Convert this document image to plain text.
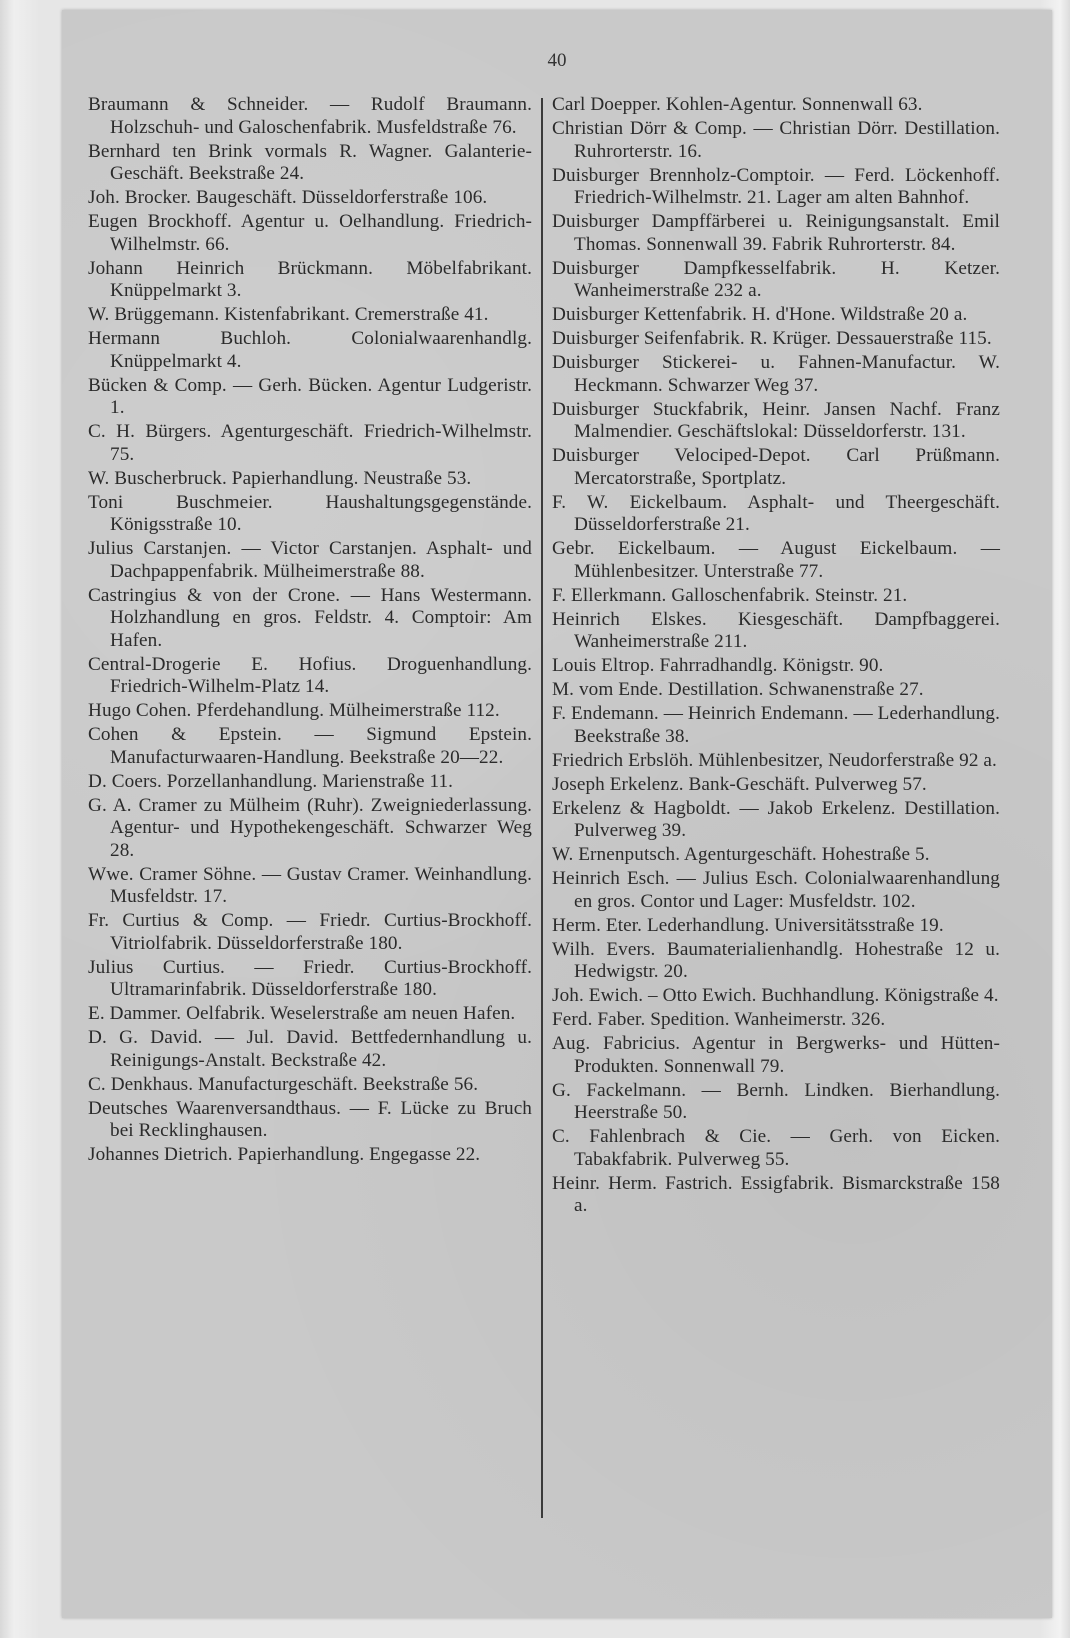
40

Braumann & Schneider. — Rudolf Braumann. Holzschuh- und Galoschenfabrik. Musfeldstraße 76.

Bernhard ten Brink vormals R. Wagner. Galanterie-Geschäft. Beekstraße 24.

Joh. Brocker. Baugeschäft. Düsseldorferstraße 106.

Eugen Brockhoff. Agentur u. Oelhandlung. Friedrich-Wilhelmstr. 66.

Johann Heinrich Brückmann. Möbelfabrikant. Knüppelmarkt 3.

W. Brüggemann. Kistenfabrikant. Cremerstraße 41.

Hermann Buchloh. Colonialwaarenhandlg. Knüppelmarkt 4.

Bücken & Comp. — Gerh. Bücken. Agentur Ludgeristr. 1.

C. H. Bürgers. Agenturgeschäft. Friedrich-Wilhelmstr. 75.

W. Buscherbruck. Papierhandlung. Neustraße 53.

Toni Buschmeier. Haushaltungsgegenstände. Königsstraße 10.

Julius Carstanjen. — Victor Carstanjen. Asphalt- und Dachpappenfabrik. Mülheimerstraße 88.

Castringius & von der Crone. — Hans Westermann. Holzhandlung en gros. Feldstr. 4. Comptoir: Am Hafen.

Central-Drogerie E. Hofius. Droguenhandlung. Friedrich-Wilhelm-Platz 14.

Hugo Cohen. Pferdehandlung. Mülheimerstraße 112.

Cohen & Epstein. — Sigmund Epstein. Manufacturwaaren-Handlung. Beekstraße 20—22.

D. Coers. Porzellanhandlung. Marienstraße 11.

G. A. Cramer zu Mülheim (Ruhr). Zweigniederlassung. Agentur- und Hypothekengeschäft. Schwarzer Weg 28.

Wwe. Cramer Söhne. — Gustav Cramer. Weinhandlung. Musfeldstr. 17.

Fr. Curtius & Comp. — Friedr. Curtius-Brockhoff. Vitriolfabrik. Düsseldorferstraße 180.

Julius Curtius. — Friedr. Curtius-Brockhoff. Ultramarinfabrik. Düsseldorferstraße 180.

E. Dammer. Oelfabrik. Weselerstraße am neuen Hafen.

D. G. David. — Jul. David. Bettfedernhandlung u. Reinigungs-Anstalt. Beckstraße 42.

C. Denkhaus. Manufacturgeschäft. Beekstraße 56.

Deutsches Waarenversandthaus. — F. Lücke zu Bruch bei Recklinghausen.

Johannes Dietrich. Papierhandlung. Engegasse 22.

Carl Doepper. Kohlen-Agentur. Sonnenwall 63.

Christian Dörr & Comp. — Christian Dörr. Destillation. Ruhrorterstr. 16.

Duisburger Brennholz-Comptoir. — Ferd. Löckenhoff. Friedrich-Wilhelmstr. 21. Lager am alten Bahnhof.

Duisburger Dampffärberei u. Reinigungsanstalt. Emil Thomas. Sonnenwall 39. Fabrik Ruhrorterstr. 84.

Duisburger Dampfkesselfabrik. H. Ketzer. Wanheimerstraße 232 a.

Duisburger Kettenfabrik. H. d'Hone. Wildstraße 20 a.

Duisburger Seifenfabrik. R. Krüger. Dessauerstraße 115.

Duisburger Stickerei- u. Fahnen-Manufactur. W. Heckmann. Schwarzer Weg 37.

Duisburger Stuckfabrik, Heinr. Jansen Nachf. Franz Malmendier. Geschäftslokal: Düsseldorferstr. 131.

Duisburger Velociped-Depot. Carl Prüßmann. Mercatorstraße, Sportplatz.

F. W. Eickelbaum. Asphalt- und Theergeschäft. Düsseldorferstraße 21.

Gebr. Eickelbaum. — August Eickelbaum. — Mühlenbesitzer. Unterstraße 77.

F. Ellerkmann. Galloschenfabrik. Steinstr. 21.

Heinrich Elskes. Kiesgeschäft. Dampfbaggerei. Wanheimerstraße 211.

Louis Eltrop. Fahrradhandlg. Königstr. 90.

M. vom Ende. Destillation. Schwanenstraße 27.

F. Endemann. — Heinrich Endemann. — Lederhandlung. Beekstraße 38.

Friedrich Erbslöh. Mühlenbesitzer, Neudorferstraße 92 a.

Joseph Erkelenz. Bank-Geschäft. Pulverweg 57.

Erkelenz & Hagboldt. — Jakob Erkelenz. Destillation. Pulverweg 39.

W. Ernenputsch. Agenturgeschäft. Hohestraße 5.

Heinrich Esch. — Julius Esch. Colonialwaarenhandlung en gros. Contor und Lager: Musfeldstr. 102.

Herm. Eter. Lederhandlung. Universitätsstraße 19.

Wilh. Evers. Baumaterialienhandlg. Hohestraße 12 u. Hedwigstr. 20.

Joh. Ewich. – Otto Ewich. Buchhandlung. Königstraße 4.

Ferd. Faber. Spedition. Wanheimerstr. 326.

Aug. Fabricius. Agentur in Bergwerks- und Hütten-Produkten. Sonnenwall 79.

G. Fackelmann. — Bernh. Lindken. Bierhandlung. Heerstraße 50.

C. Fahlenbrach & Cie. — Gerh. von Eicken. Tabakfabrik. Pulverweg 55.

Heinr. Herm. Fastrich. Essigfabrik. Bismarckstraße 158 a.
